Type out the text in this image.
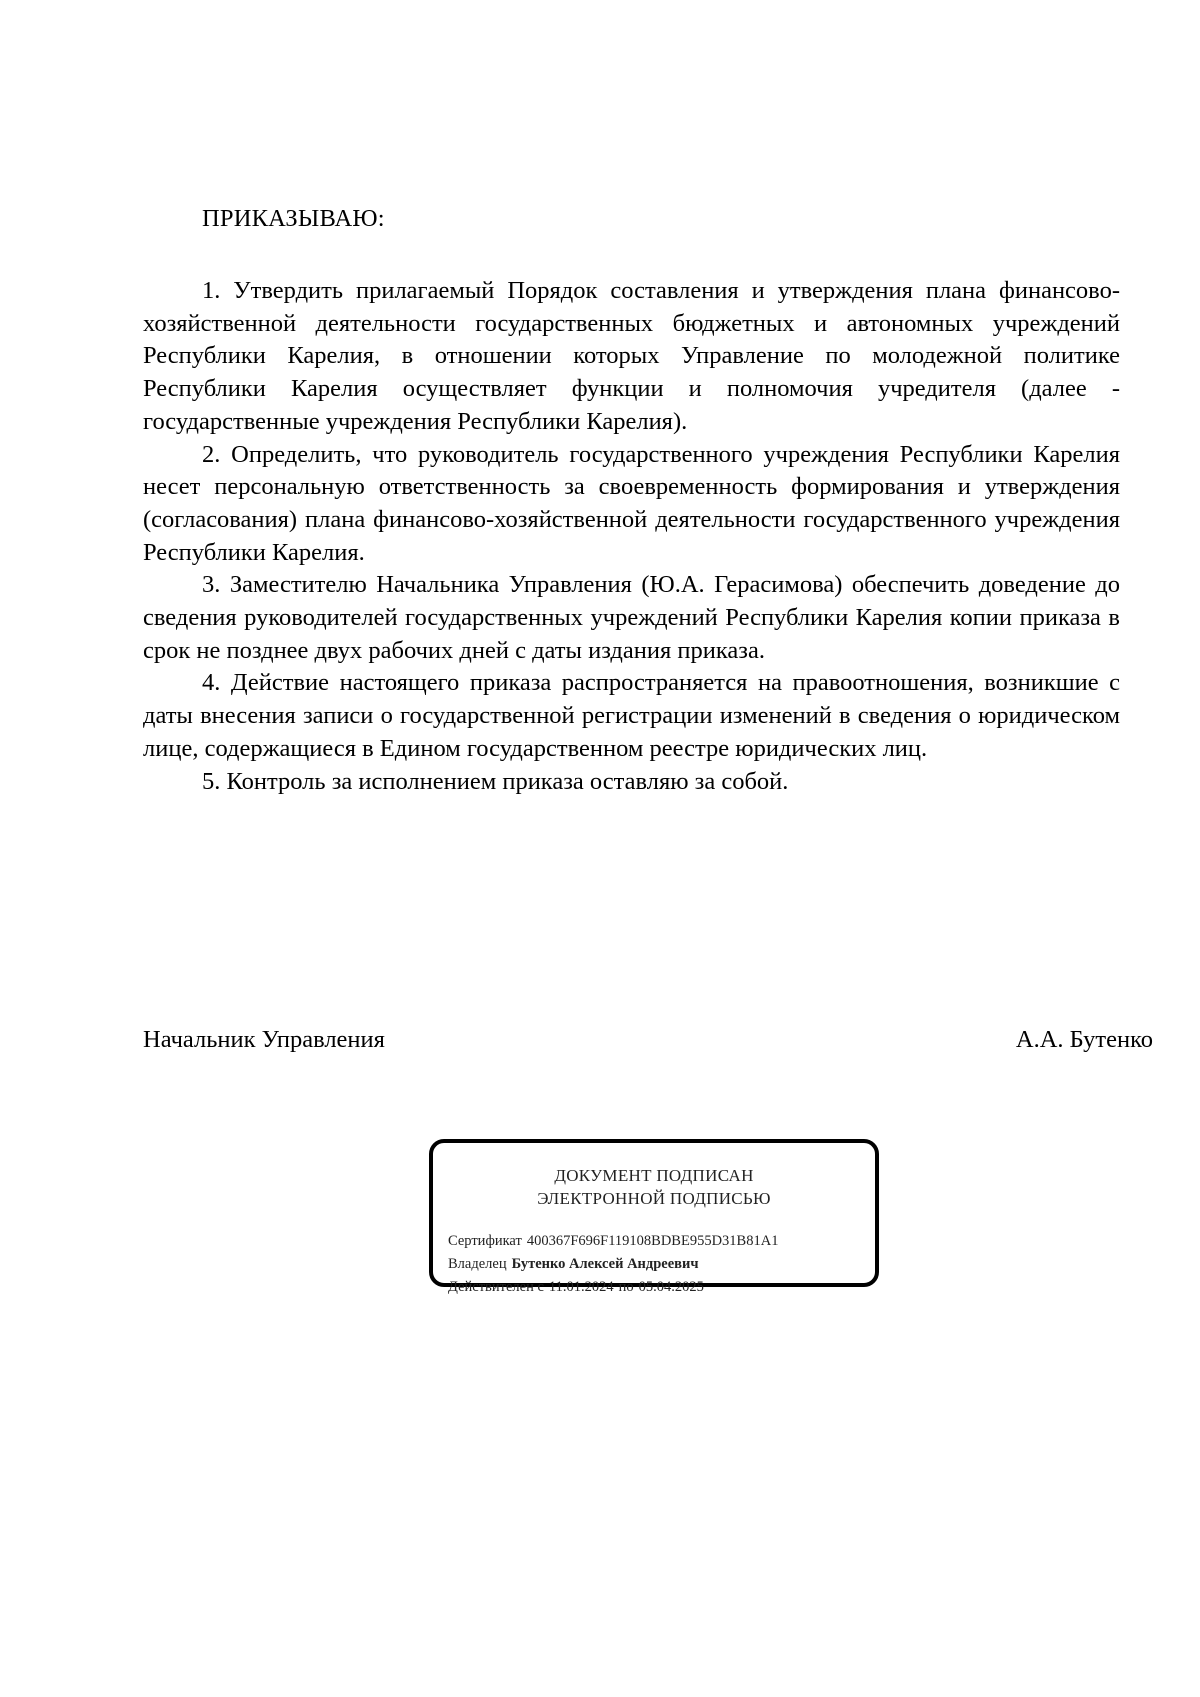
ПРИКАЗЫВАЮ:

1. Утвердить прилагаемый Порядок составления и утверждения плана финансово-хозяйственной деятельности государственных бюджетных и автономных учреждений Республики Карелия, в отношении которых Управление по молодежной политике Республики Карелия осуществляет функции и полномочия учредителя (далее - государственные учреждения Республики Карелия).

2. Определить, что руководитель государственного учреждения Республики Карелия несет персональную ответственность за своевременность формирования и утверждения (согласования) плана финансово-хозяйственной деятельности государственного учреждения Республики Карелия.

3. Заместителю Начальника Управления (Ю.А. Герасимова) обеспечить доведение до сведения руководителей государственных учреждений Республики Карелия копии приказа в срок не позднее двух рабочих дней с даты издания приказа.

4. Действие настоящего приказа распространяется на правоотношения, возникшие с даты внесения записи о государственной регистрации изменений в сведения о юридическом лице, содержащиеся в Едином государственном реестре юридических лиц.

5. Контроль за исполнением приказа оставляю за собой.

Начальник Управления	А.А. Бутенко
ДОКУМЕНТ ПОДПИСАН
ЭЛЕКТРОННОЙ ПОДПИСЬЮ
Сертификат 400367F696F119108BDBE955D31B81A1
Владелец Бутенко Алексей Андреевич
Действителен с 11.01.2024 по 05.04.2025
